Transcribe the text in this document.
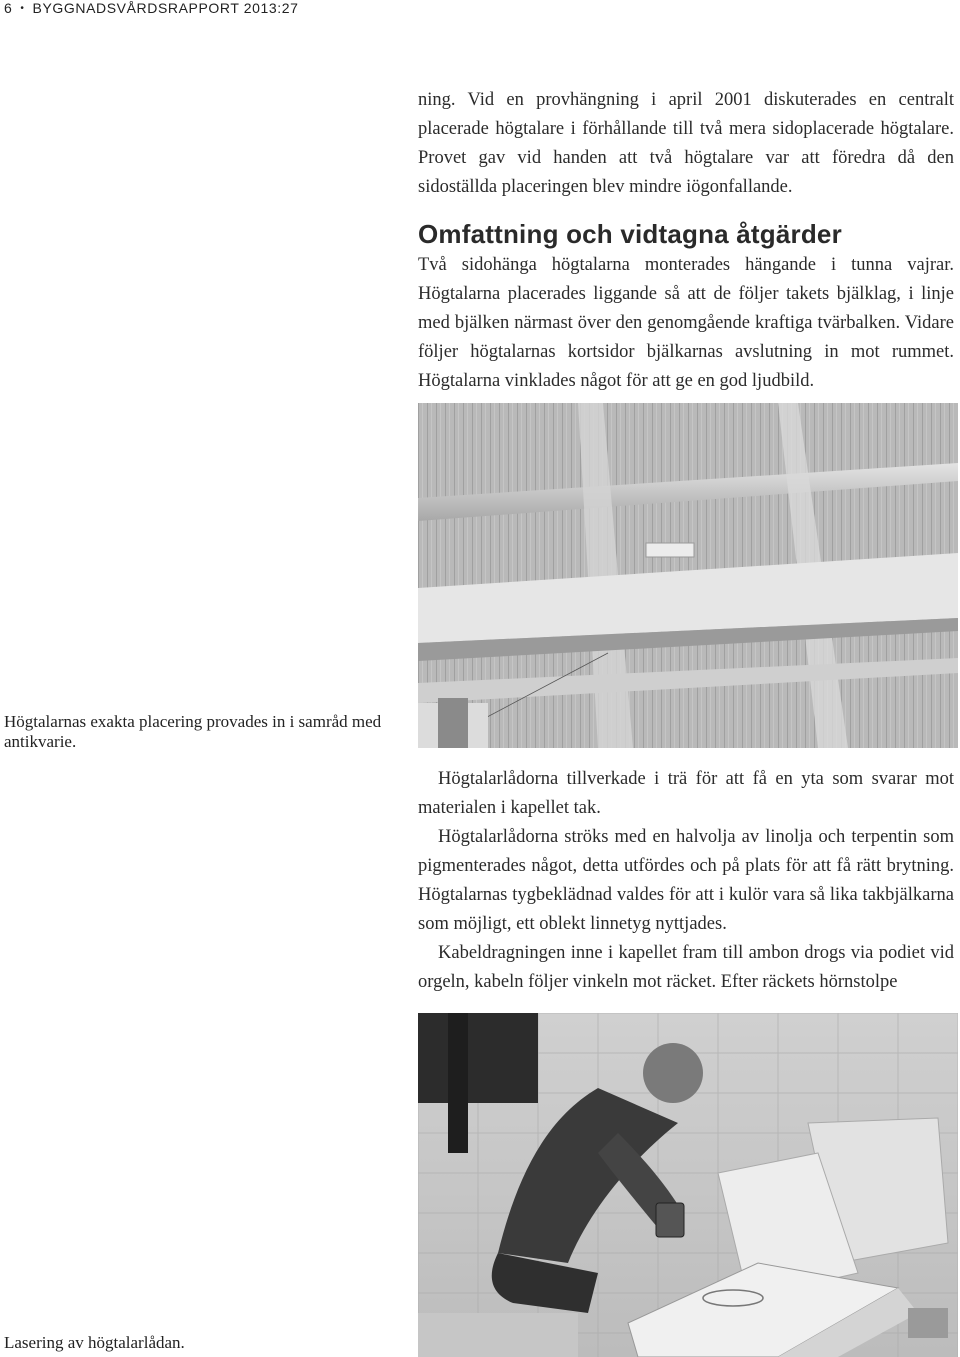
6 • BYGGNADSVÅRDSRAPPORT 2013:27

ning. Vid en provhängning i april 2001 diskuterades en centralt placerade högtalare i förhållande till två mera sidoplacerade högtalare. Provet gav vid handen att två högtalare var att föredra då den sidoställda placeringen blev mindre iögonfallande.

Omfattning och vidtagna åtgärder

Två sidohänga högtalarna monterades hängande i tunna vajrar. Högtalarna placerades liggande så att de följer takets bjälklag, i linje med bjälken närmast över den genomgående kraftiga tvärbalken. Vidare följer högtalarnas kortsidor bjälkarnas avslutning in mot rummet. Högtalarna vinklades något för att ge en god ljudbild.

Högtalarnas exakta placering provades in i samråd med antikvarie.

Högtalarlådorna tillverkade i trä för att få en yta som svarar mot materialen i kapellet tak.

Högtalarlådorna ströks med en halvolja av linolja och terpentin som pigmenterades något, detta utfördes och på plats för att få rätt brytning. Högtalarnas tygbeklädnad valdes för att i kulör vara så lika takbjälkarna som möjligt, ett oblekt linnetyg nyttjades.

Kabeldragningen inne i kapellet fram till ambon drogs via podiet vid orgeln, kabeln följer vinkeln mot räcket. Efter räckets hörnstolpe

Lasering av högtalarlådan.
